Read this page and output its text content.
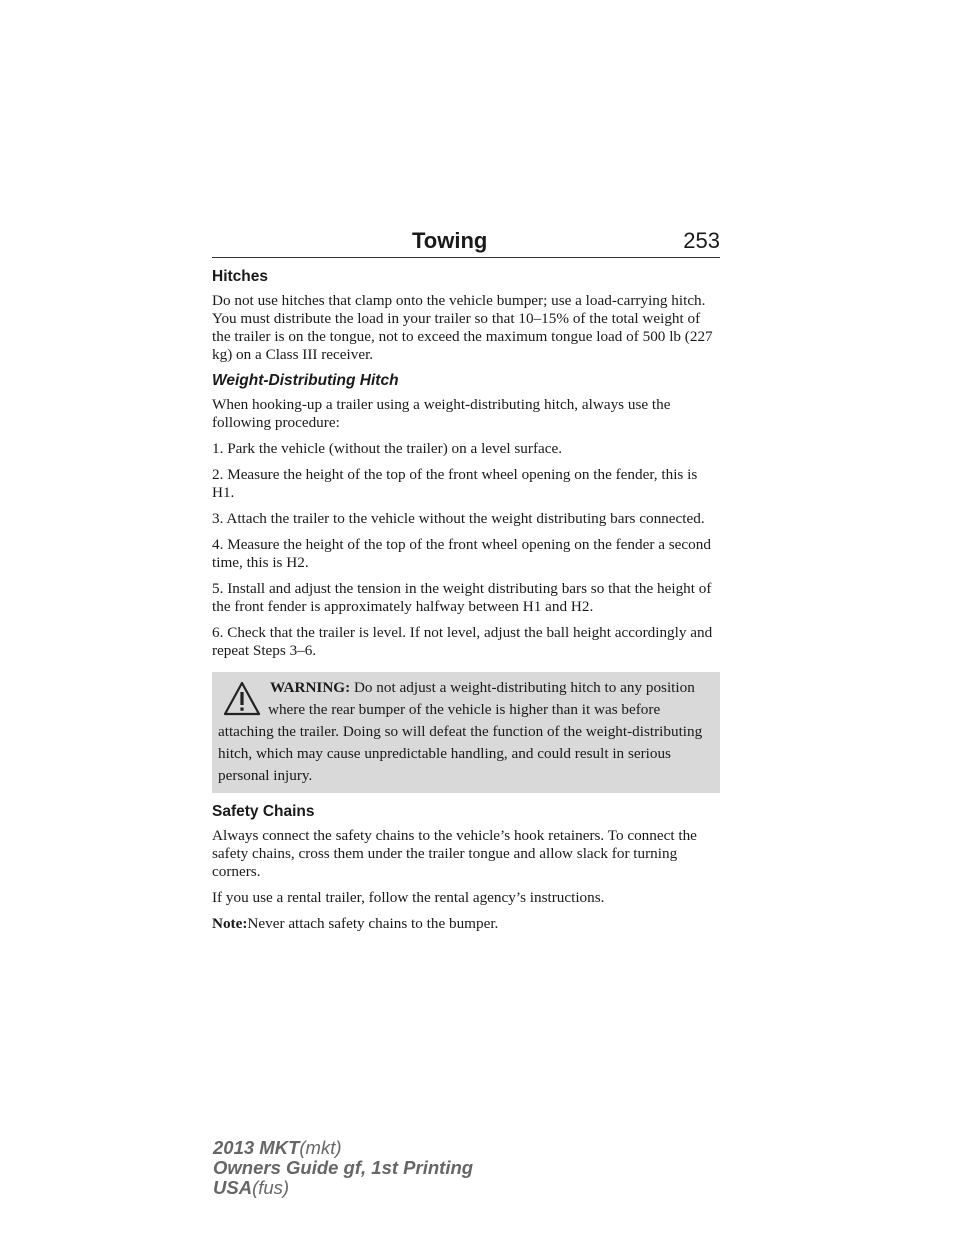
Towing	253
Hitches

Do not use hitches that clamp onto the vehicle bumper; use a load-carrying hitch. You must distribute the load in your trailer so that 10–15% of the total weight of the trailer is on the tongue, not to exceed the maximum tongue load of 500 lb (227 kg) on a Class III receiver.

Weight-Distributing Hitch

When hooking-up a trailer using a weight-distributing hitch, always use the following procedure:

1. Park the vehicle (without the trailer) on a level surface.

2. Measure the height of the top of the front wheel opening on the fender, this is H1.

3. Attach the trailer to the vehicle without the weight distributing bars connected.

4. Measure the height of the top of the front wheel opening on the fender a second time, this is H2.

5. Install and adjust the tension in the weight distributing bars so that the height of the front fender is approximately halfway between H1 and H2.

6. Check that the trailer is level. If not level, adjust the ball height accordingly and repeat Steps 3–6.

WARNING: Do not adjust a weight-distributing hitch to any position where the rear bumper of the vehicle is higher than it was before attaching the trailer. Doing so will defeat the function of the weight-distributing hitch, which may cause unpredictable handling, and could result in serious personal injury.
Safety Chains

Always connect the safety chains to the vehicle’s hook retainers. To connect the safety chains, cross them under the trailer tongue and allow slack for turning corners.

If you use a rental trailer, follow the rental agency’s instructions.

Note:Never attach safety chains to the bumper.

2013 MKT(mkt)
Owners Guide gf, 1st Printing
USA(fus)
